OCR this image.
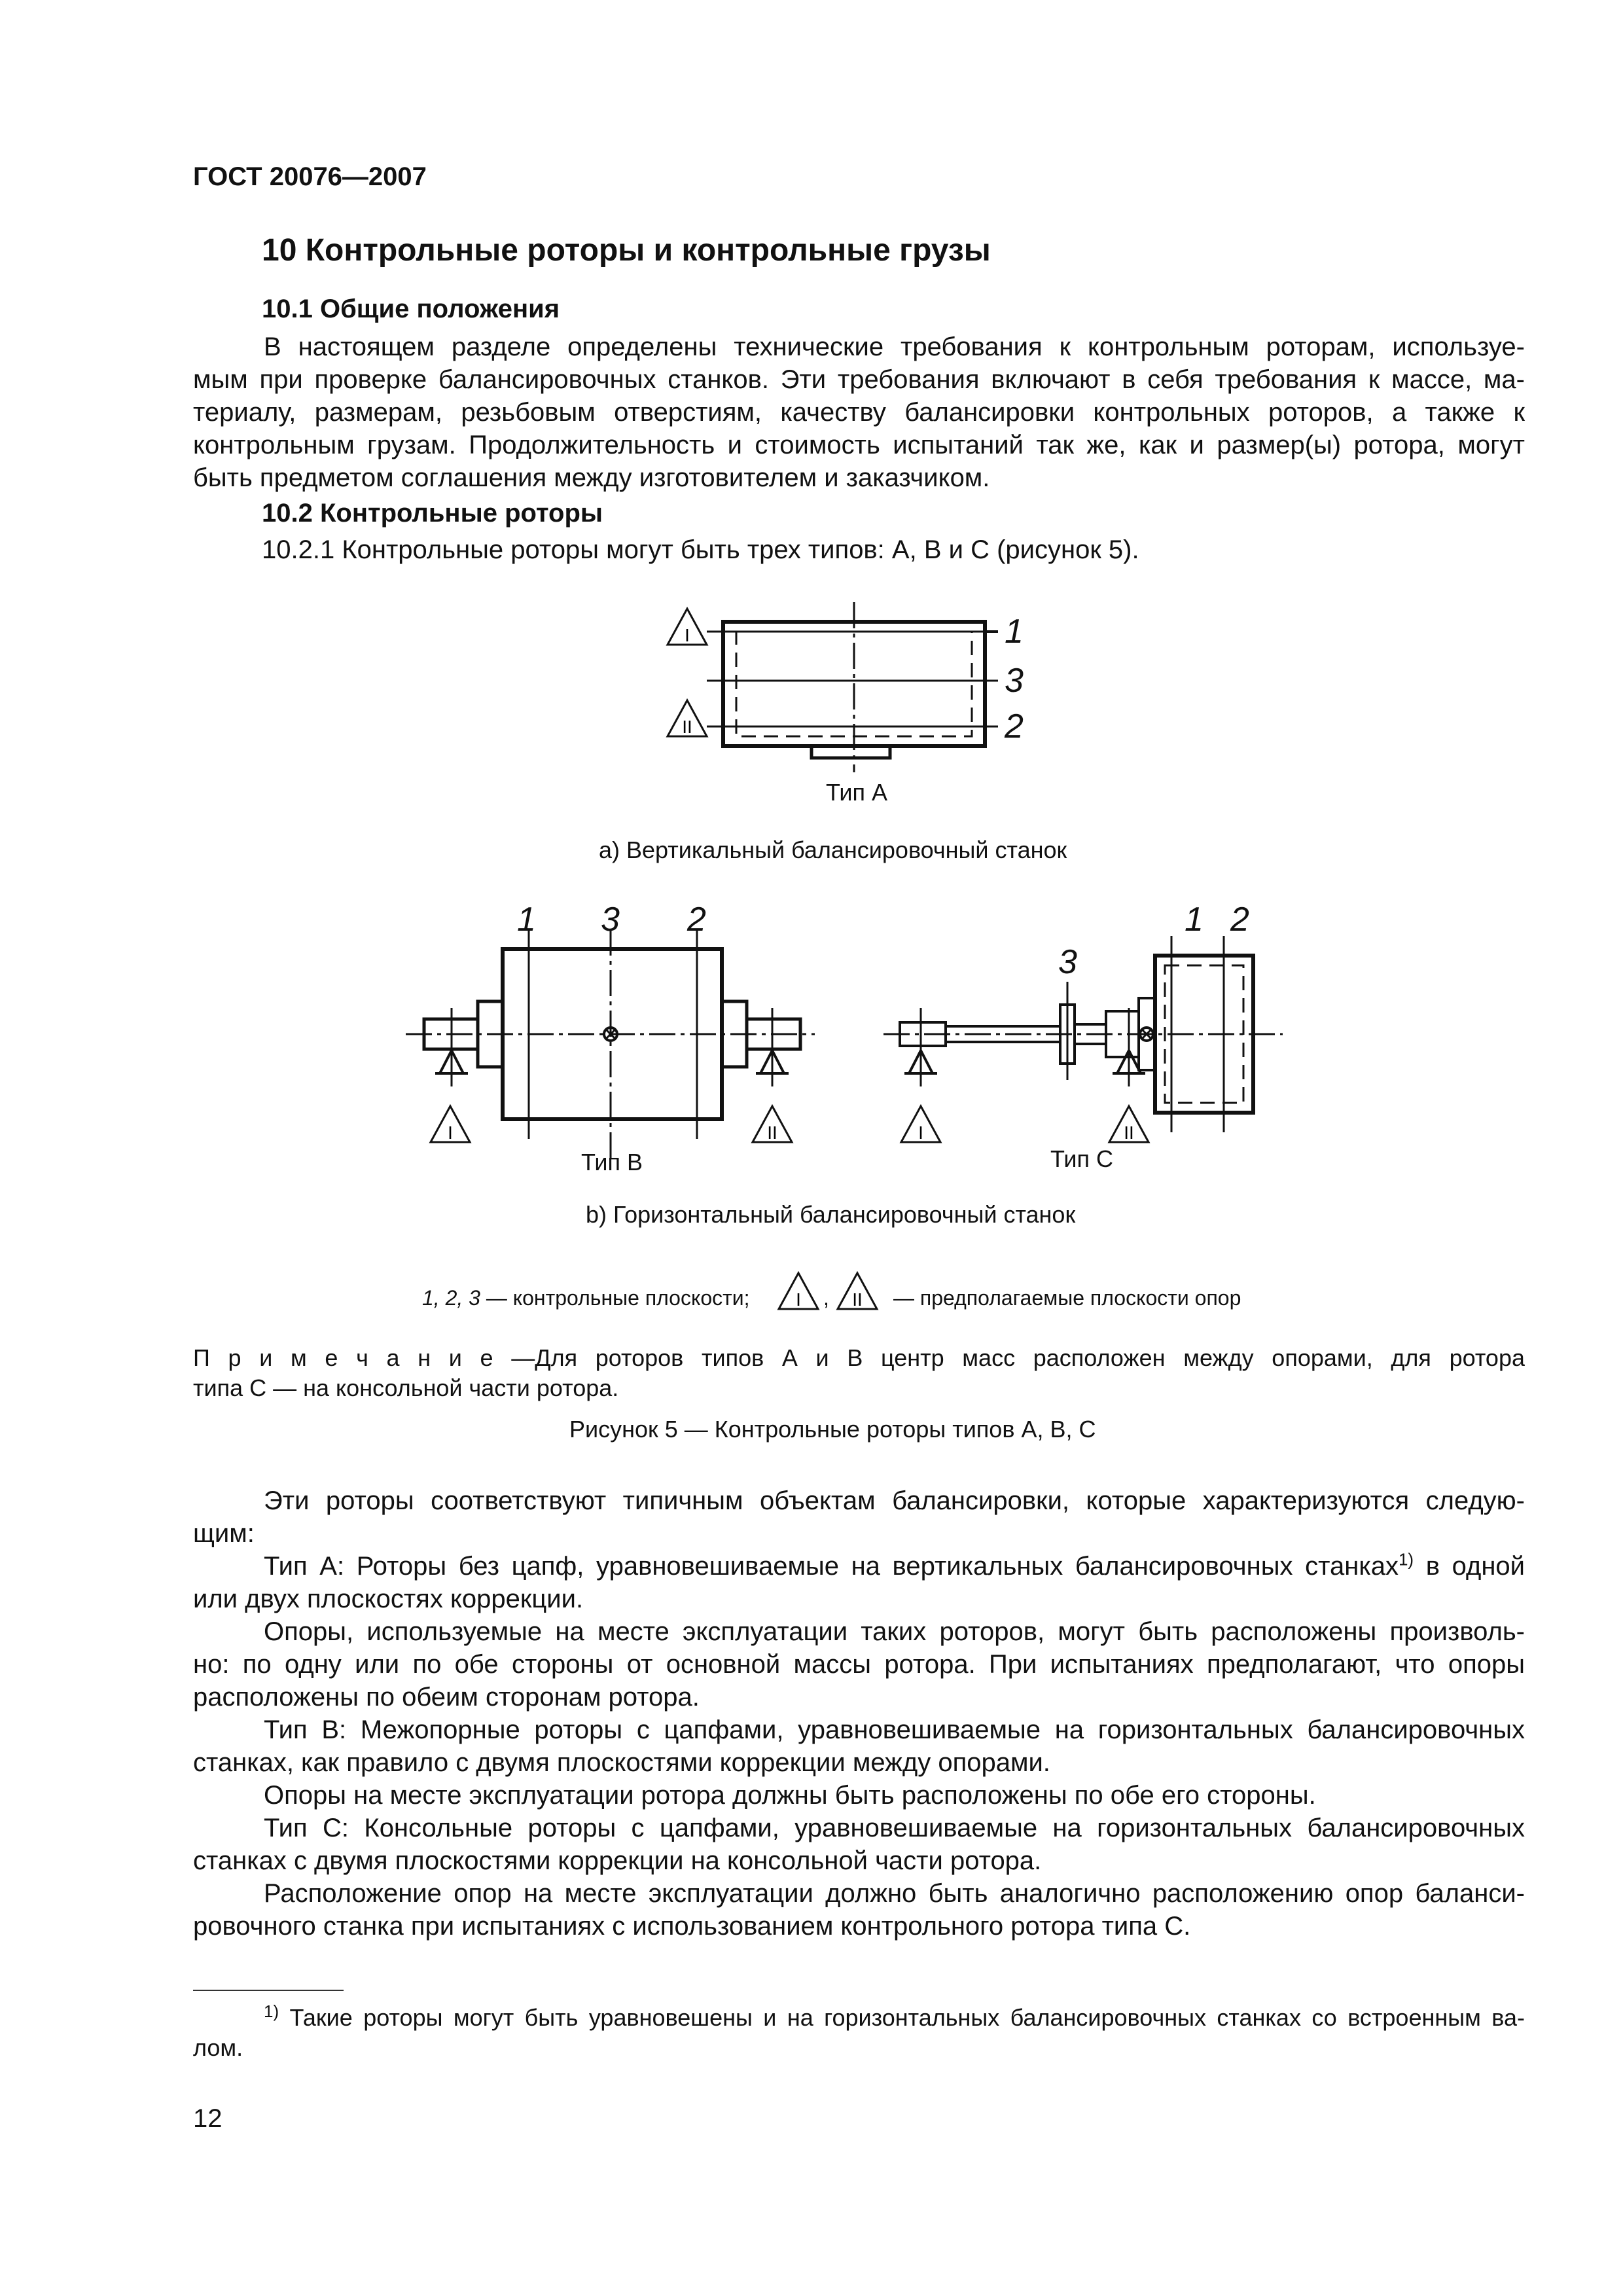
ГОСТ 20076—2007
10 Контрольные роторы и контрольные грузы
10.1 Общие положения
В настоящем разделе определены технические требования к контрольным роторам, используе-
мым при проверке балансировочных станков. Эти требования включают в себя требования к массе, ма-
териалу, размерам, резьбовым отверстиям, качеству балансировки контрольных роторов, а также к
контрольным грузам. Продолжительность и стоимость испытаний так же, как и размер(ы) ротора, могут
быть предметом соглашения между изготовителем и заказчиком.
10.2 Контрольные роторы
10.2.1 Контрольные роторы могут быть трех типов: А, В и С (рисунок 5).
I
II
I	II	I	II
I	II
1
3
2
Тип А
а) Вертикальный балансировочный станок
1 3 2
Тип В
3
1 2
Тип С
b) Горизонтальный балансировочный станок
1, 2, 3 — контрольные плоскости;	,	— предполагаемые плоскости опор
П р и м е ч а н и е —Для роторов типов А и В центр масс расположен между опорами, для ротора
типа С — на консольной части ротора.
Рисунок 5 — Контрольные роторы типов А, В, С
Эти роторы соответствуют типичным объектам балансировки, которые характеризуются следую-
щим:
Тип А: Роторы без цапф, уравновешиваемые на вертикальных балансировочных станках$^{1)}$ в одной
или двух плоскостях коррекции.
Опоры, используемые на месте эксплуатации таких роторов, могут быть расположены произволь-
но: по одну или по обе стороны от основной массы ротора. При испытаниях предполагают, что опоры
расположены по обеим сторонам ротора.
Тип В: Межопорные роторы с цапфами, уравновешиваемые на горизонтальных балансировочных
станках, как правило с двумя плоскостями коррекции между опорами.
Опоры на месте эксплуатации ротора должны быть расположены по обе его стороны.
Тип С: Консольные роторы с цапфами, уравновешиваемые на горизонтальных балансировочных
станках с двумя плоскостями коррекции на консольной части ротора.
Расположение опор на месте эксплуатации должно быть аналогично расположению опор баланси-
ровочного станка при испытаниях с использованием контрольного ротора типа С.
$^{1)}$ Такие роторы могут быть уравновешены и на горизонтальных балансировочных станках со встроенным ва-
лом.
12
